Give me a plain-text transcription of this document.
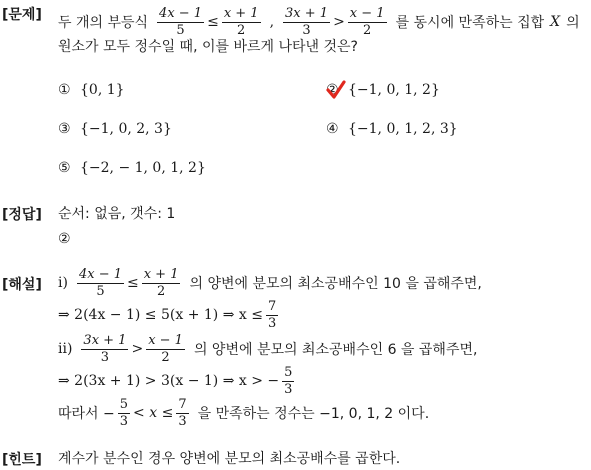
[문제] 두 개의 부등식 $\frac{4x - 1}{5} \le \frac{x + 1}{2}$ , $\frac{3x + 1}{3} > \frac{x - 1}{2}$ 를 동시에 만족하는 집합 X 의
원소가 모두 정수일 때, 이를 바르게 나타낸 것은?
① {0, 1}	② {−1, 0, 1, 2}
③ {−1, 0, 2, 3}	④ {−1, 0, 1, 2, 3}
⑤ {−2, − 1, 0, 1, 2}
[정답] 순서: 없음, 갯수: 1
②
[해설] $i) \frac{4x - 1}{5} \le \frac{x + 1}{2}$ 의 양변에 분모의 최소공배수인 10 을 곱해주면,
⇒ 2(4x − 1) ≤ 5(x + 1) ⇒ $x \le \frac{7}{3}$
$ii) \frac{3x + 1}{3} > \frac{x - 1}{2}$ 의 양변에 분모의 최소공배수인 6 을 곱해주면,
⇒ 2(3x + 1) > 3(x − 1) ⇒ x > − $\frac{5}{3}$
따라서 − $\frac{5}{3} < x \le \frac{7}{3}$ 을 만족하는 정수는 −1, 0, 1, 2 이다.
[힌트] 계수가 분수인 경우 양변에 분모의 최소공배수를 곱한다.
